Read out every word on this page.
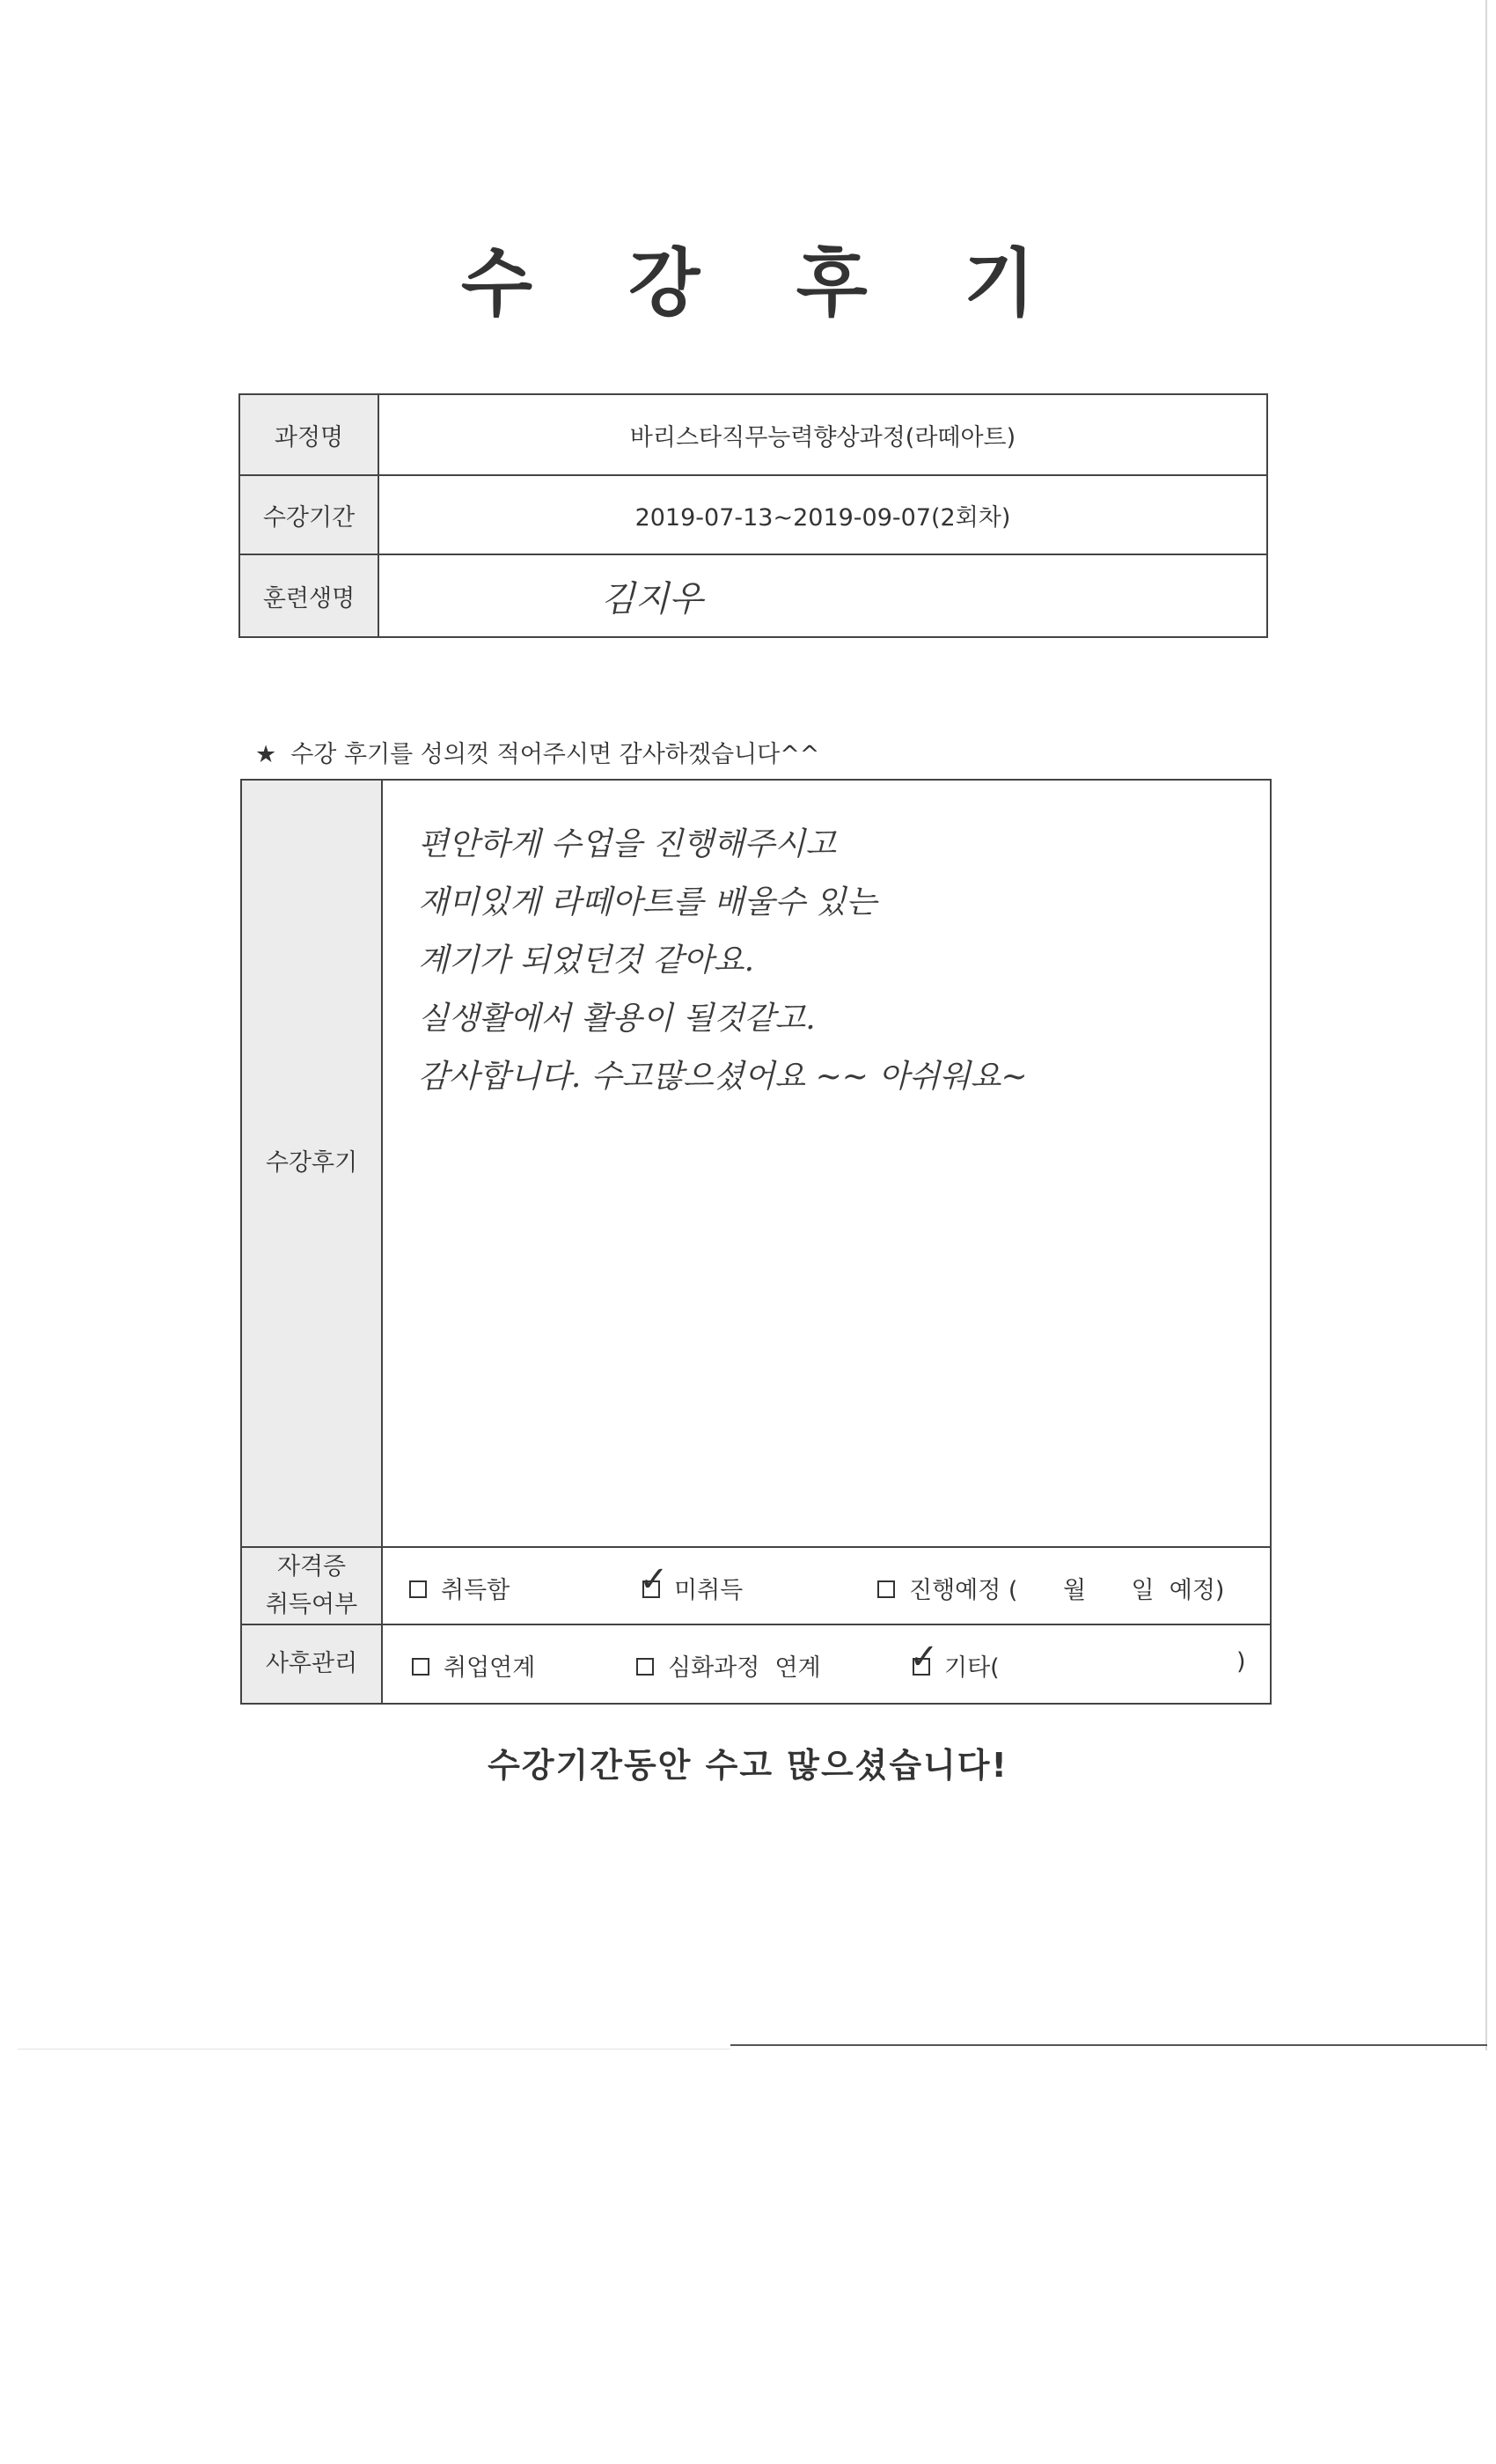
수 강 후 기
과정명	바리스타직무능력향상과정(라떼아트)
수강기간	2019-07-13~2019-09-07(2회차)
훈련생명	김지우
★ 수강 후기를 성의껏 적어주시면 감사하겠습니다^^
수강후기
편안하게 수업을 진행해주시고
재미있게 라떼아트를 배울수 있는
계기가 되었던것 같아요.
실생활에서 활용이 될것같고.
감사합니다. 수고많으셨어요 ~~ 아쉬워요~
자격증
취득여부
취득함	✓ 미취득	진행예정 (      월      일  예정)
사후관리	취업연계	심화과정  연계	✓ 기타(	)
수강기간동안 수고 많으셨습니다!
